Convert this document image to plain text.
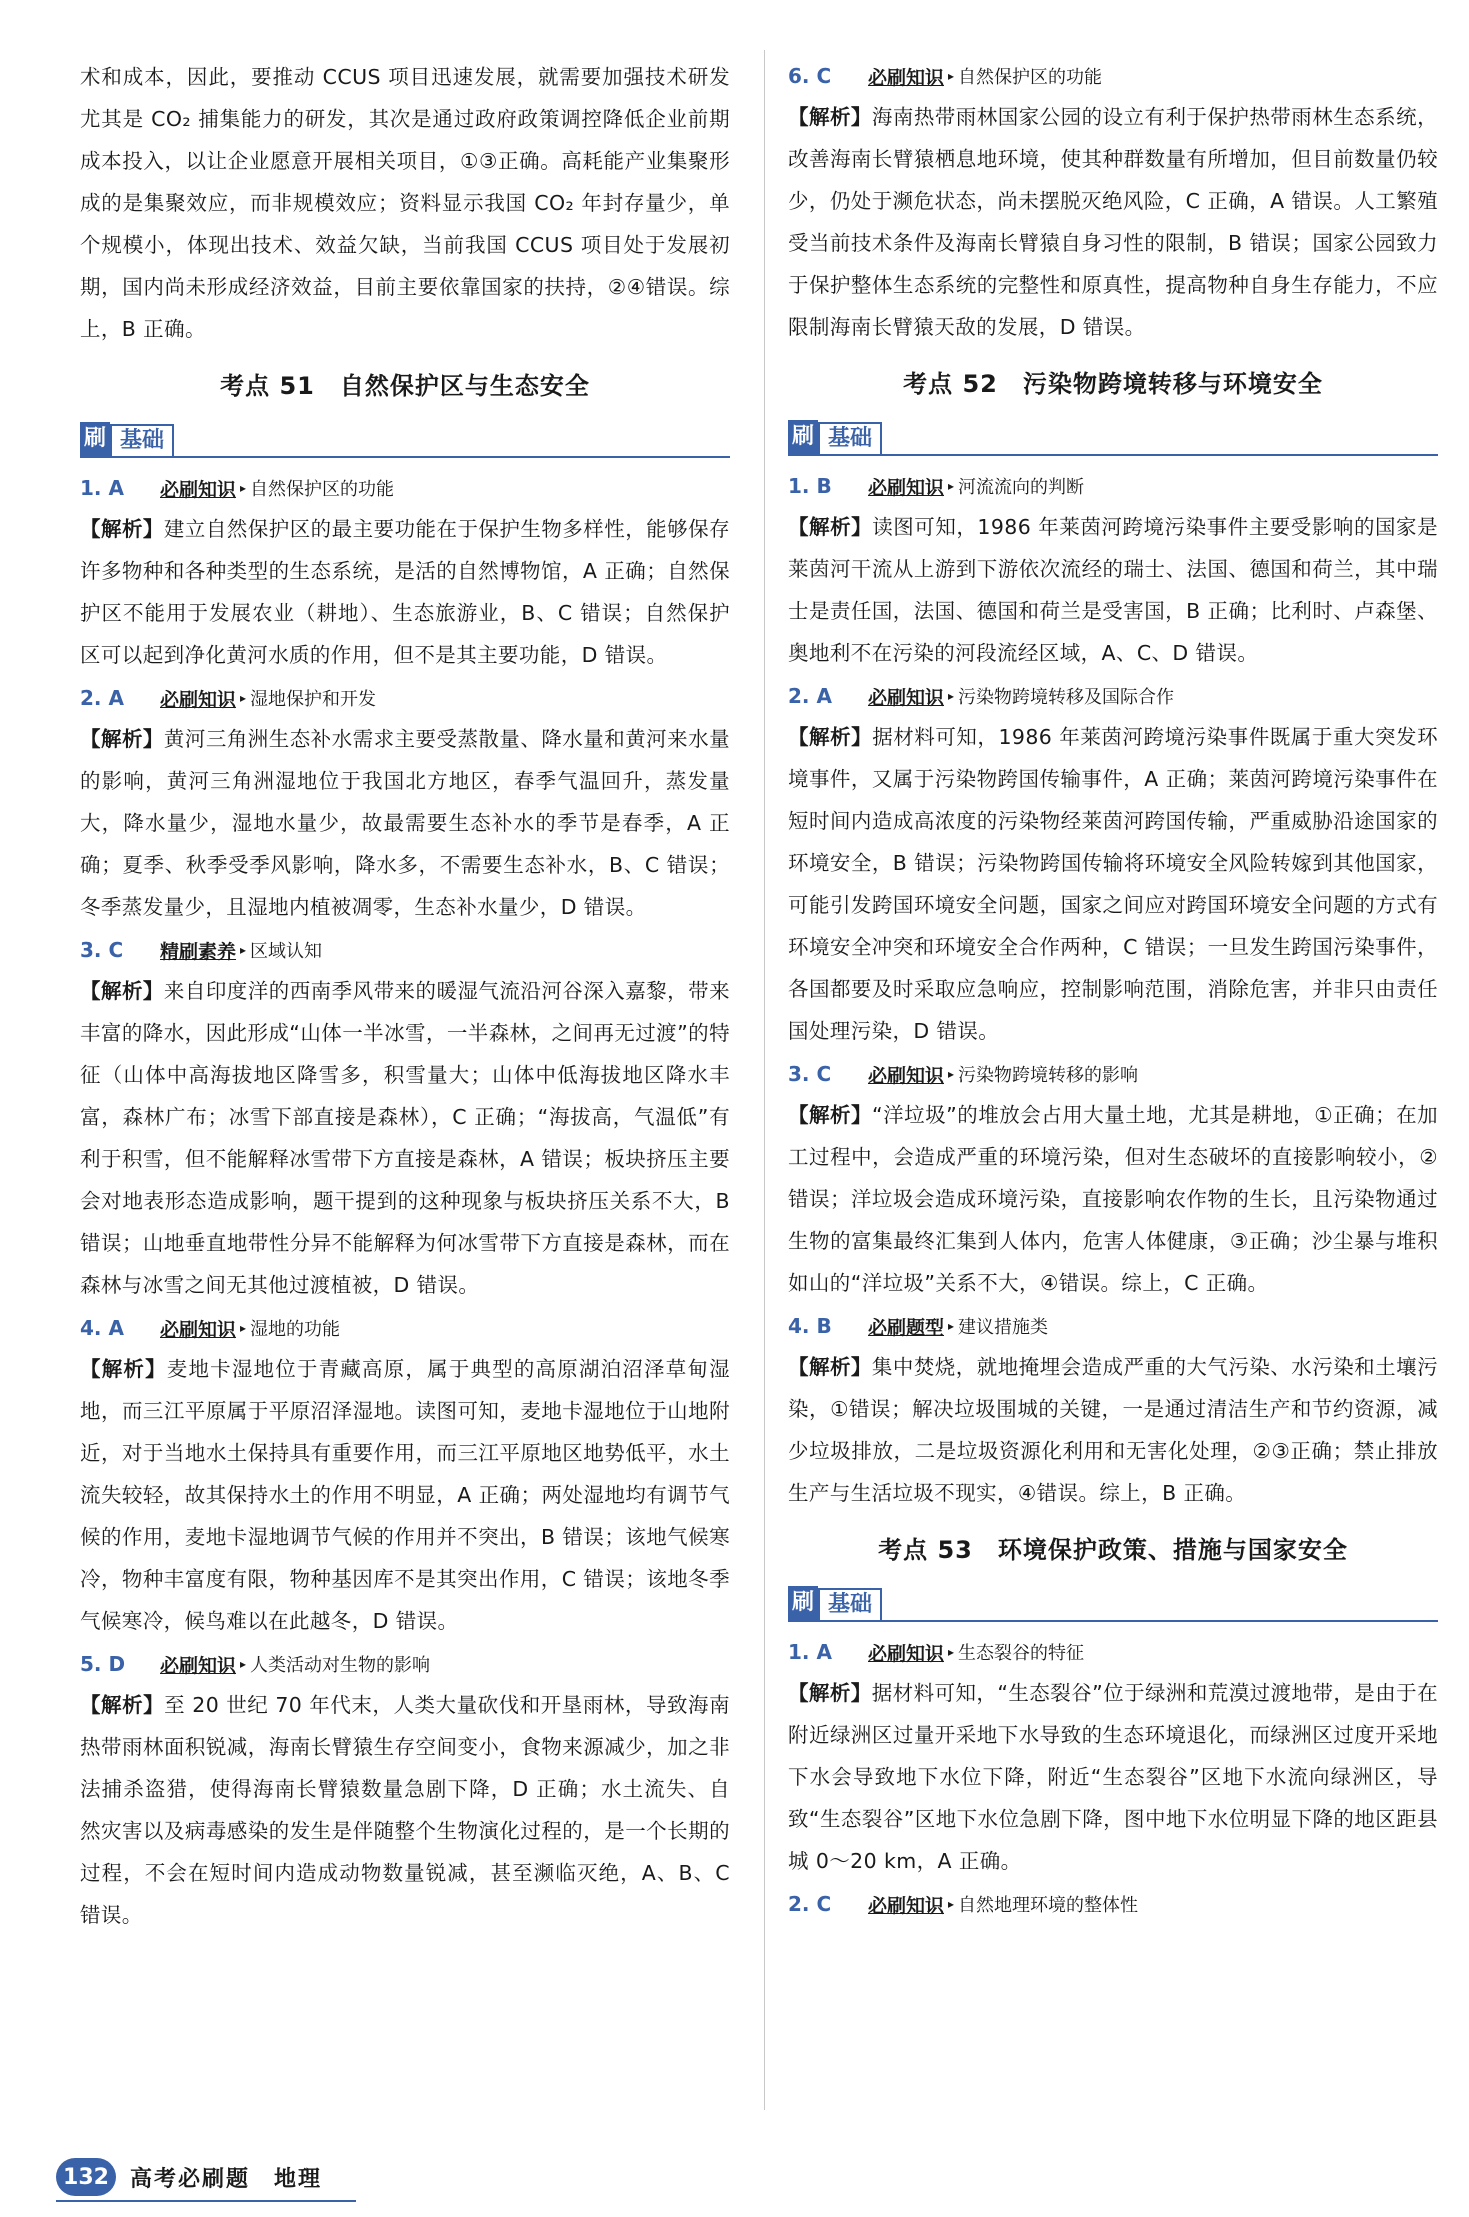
术和成本，因此，要推动 CCUS 项目迅速发展，就需要加强技术研发尤其是 CO₂ 捕集能力的研发，其次是通过政府政策调控降低企业前期成本投入，以让企业愿意开展相关项目，①③正确。高耗能产业集聚形成的是集聚效应，而非规模效应；资料显示我国 CO₂ 年封存量少，单个规模小，体现出技术、效益欠缺，当前我国 CCUS 项目处于发展初期，国内尚未形成经济效益，目前主要依靠国家的扶持，②④错误。综上，B 正确。

考点 51　自然保护区与生态安全
刷 基础
1. A	必刷知识 ▸ 自然保护区的功能

【解析】建立自然保护区的最主要功能在于保护生物多样性，能够保存许多物种和各种类型的生态系统，是活的自然博物馆，A 正确；自然保护区不能用于发展农业（耕地）、生态旅游业，B、C 错误；自然保护区可以起到净化黄河水质的作用，但不是其主要功能，D 错误。

2. A	必刷知识 ▸ 湿地保护和开发

【解析】黄河三角洲生态补水需求主要受蒸散量、降水量和黄河来水量的影响，黄河三角洲湿地位于我国北方地区，春季气温回升，蒸发量大，降水量少，湿地水量少，故最需要生态补水的季节是春季，A 正确；夏季、秋季受季风影响，降水多，不需要生态补水，B、C 错误；冬季蒸发量少，且湿地内植被凋零，生态补水量少，D 错误。

3. C	精刷素养 ▸ 区域认知

【解析】来自印度洋的西南季风带来的暖湿气流沿河谷深入嘉黎，带来丰富的降水，因此形成“山体一半冰雪，一半森林，之间再无过渡”的特征（山体中高海拔地区降雪多，积雪量大；山体中低海拔地区降水丰富，森林广布；冰雪下部直接是森林），C 正确；“海拔高，气温低”有利于积雪，但不能解释冰雪带下方直接是森林，A 错误；板块挤压主要会对地表形态造成影响，题干提到的这种现象与板块挤压关系不大，B 错误；山地垂直地带性分异不能解释为何冰雪带下方直接是森林，而在森林与冰雪之间无其他过渡植被，D 错误。

4. A	必刷知识 ▸ 湿地的功能

【解析】麦地卡湿地位于青藏高原，属于典型的高原湖泊沼泽草甸湿地，而三江平原属于平原沼泽湿地。读图可知，麦地卡湿地位于山地附近，对于当地水土保持具有重要作用，而三江平原地区地势低平，水土流失较轻，故其保持水土的作用不明显，A 正确；两处湿地均有调节气候的作用，麦地卡湿地调节气候的作用并不突出，B 错误；该地气候寒冷，物种丰富度有限，物种基因库不是其突出作用，C 错误；该地冬季气候寒冷，候鸟难以在此越冬，D 错误。

5. D	必刷知识 ▸ 人类活动对生物的影响

【解析】至 20 世纪 70 年代末，人类大量砍伐和开垦雨林，导致海南热带雨林面积锐减，海南长臂猿生存空间变小，食物来源减少，加之非法捕杀盗猎，使得海南长臂猿数量急剧下降，D 正确；水土流失、自然灾害以及病毒感染的发生是伴随整个生物演化过程的，是一个长期的过程，不会在短时间内造成动物数量锐减，甚至濒临灭绝，A、B、C 错误。

6. C	必刷知识 ▸ 自然保护区的功能

【解析】海南热带雨林国家公园的设立有利于保护热带雨林生态系统，改善海南长臂猿栖息地环境，使其种群数量有所增加，但目前数量仍较少，仍处于濒危状态，尚未摆脱灭绝风险，C 正确，A 错误。人工繁殖受当前技术条件及海南长臂猿自身习性的限制，B 错误；国家公园致力于保护整体生态系统的完整性和原真性，提高物种自身生存能力，不应限制海南长臂猿天敌的发展，D 错误。

考点 52　污染物跨境转移与环境安全
刷 基础
1. B	必刷知识 ▸ 河流流向的判断

【解析】读图可知，1986 年莱茵河跨境污染事件主要受影响的国家是莱茵河干流从上游到下游依次流经的瑞士、法国、德国和荷兰，其中瑞士是责任国，法国、德国和荷兰是受害国，B 正确；比利时、卢森堡、奥地利不在污染的河段流经区域，A、C、D 错误。

2. A	必刷知识 ▸ 污染物跨境转移及国际合作

【解析】据材料可知，1986 年莱茵河跨境污染事件既属于重大突发环境事件，又属于污染物跨国传输事件，A 正确；莱茵河跨境污染事件在短时间内造成高浓度的污染物经莱茵河跨国传输，严重威胁沿途国家的环境安全，B 错误；污染物跨国传输将环境安全风险转嫁到其他国家，可能引发跨国环境安全问题，国家之间应对跨国环境安全问题的方式有环境安全冲突和环境安全合作两种，C 错误；一旦发生跨国污染事件，各国都要及时采取应急响应，控制影响范围，消除危害，并非只由责任国处理污染，D 错误。

3. C	必刷知识 ▸ 污染物跨境转移的影响

【解析】“洋垃圾”的堆放会占用大量土地，尤其是耕地，①正确；在加工过程中，会造成严重的环境污染，但对生态破坏的直接影响较小，②错误；洋垃圾会造成环境污染，直接影响农作物的生长，且污染物通过生物的富集最终汇集到人体内，危害人体健康，③正确；沙尘暴与堆积如山的“洋垃圾”关系不大，④错误。综上，C 正确。

4. B	必刷题型 ▸ 建议措施类

【解析】集中焚烧，就地掩埋会造成严重的大气污染、水污染和土壤污染，①错误；解决垃圾围城的关键，一是通过清洁生产和节约资源，减少垃圾排放，二是垃圾资源化利用和无害化处理，②③正确；禁止排放生产与生活垃圾不现实，④错误。综上，B 正确。

考点 53　环境保护政策、措施与国家安全
刷 基础
1. A	必刷知识 ▸ 生态裂谷的特征

【解析】据材料可知，“生态裂谷”位于绿洲和荒漠过渡地带，是由于在附近绿洲区过量开采地下水导致的生态环境退化，而绿洲区过度开采地下水会导致地下水位下降，附近“生态裂谷”区地下水流向绿洲区，导致“生态裂谷”区地下水位急剧下降，图中地下水位明显下降的地区距县城 0～20 km，A 正确。

2. C	必刷知识 ▸ 自然地理环境的整体性
132 高考必刷题　地理
